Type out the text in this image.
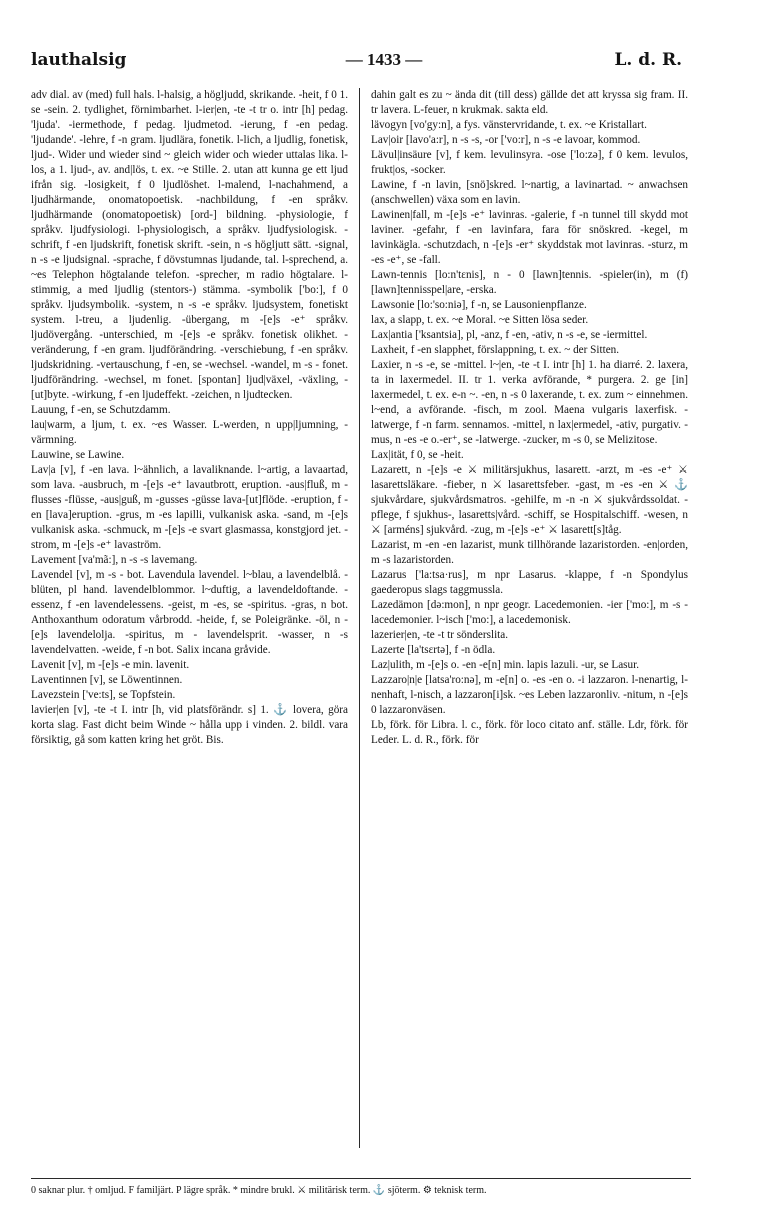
lauthalsig	— 1433 —	L. d. R.

adv dial. av (med) full hals. l-halsig, a högljudd, skrikande. -heit, f 0 1. se -sein. 2. tydlighet, förnimbarhet. l-ier|en, -te -t tr o. intr [h] pedag. 'ljuda'. -iermethode, f pedag. ljudmetod. -ierung, f -en pedag. 'ljudande'. -lehre, f -n gram. ljudlära, fonetik. l-lich, a ljudlig, fonetisk, ljud-. Wider und wieder sind ~ gleich wider och wieder uttalas lika. l-los, a 1. ljud-, av. and|lös, t. ex. ~e Stille. 2. utan att kunna ge ett ljud ifrån sig. -losigkeit, f 0 ljudlöshet. l-malend, l-nachahmend, a ljudhärmande, onomatopoetisk. -nachbildung, f -en språkv. ljudhärmande (onomatopoetisk) [ord-] bildning. -physiologie, f språkv. ljudfysiologi. l-physiologisch, a språkv. ljudfysiologisk. -schrift, f -en ljudskrift, fonetisk skrift. -sein, n -s höglјutt sätt. -signal, n -s -e ljudsignal. -sprache, f dövstumnas ljudande, tal. l-sprechend, a. ~es Telephon högtalande telefon. -sprecher, m radio högtalare. l-stimmig, a med ljudlig (stentors-) stämma. -symbolik ['bo:], f 0 språkv. ljudsymbolik. -system, n -s -e språkv. ljudsystem, fonetiskt system. l-treu, a ljudenlig. -übergang, m -[e]s -e⁺ språkv. ljudövergång. -unterschied, m -[e]s -e språkv. fonetisk olikhet. -veränderung, f -en gram. ljudförändring. -verschiebung, f -en språkv. ljudskridning. -vertauschung, f -en, se -wechsel. -wandel, m -s - fonet. ljudförändring. -wechsel, m fonet. [spontan] ljud|växel, -växling, -[ut]byte. -wirkung, f -en ljudeffekt. -zeichen, n ljudtecken.

Lauung, f -en, se Schutzdamm.

lau|warm, a ljum, t. ex. ~es Wasser. L-werden, n upp|ljumning, -värmning.

Lauwine, se Lawine.

Lav|a [v], f -en lava. l~ähnlich, a lavaliknande. l~artig, a lavaartad, som lava. -ausbruch, m -[e]s -e⁺ lavautbrott, eruption. -aus|fluß, m -flusses -flüsse, -aus|guß, m -gusses -güsse lava-[ut]flöde. -eruption, f -en [lava]eruption. -grus, m -es lapilli, vulkanisk aska. -sand, m -[e]s vulkanisk aska. -schmuck, m -[e]s -e svart glasmassa, konstgjord jet. -strom, m -[e]s -e⁺ lavaström.

Lavement [va'mã:], n -s -s lavemang.

Lavendel [v], m -s - bot. Lavendula lavendel. l~blau, a lavendelblå. -blüten, pl hand. lavendelblommor. l~duftig, a lavendeldoftande. -essenz, f -en lavendelessens. -geist, m -es, se -spiritus. -gras, n bot. Anthoxanthum odoratum vårbrodd. -heide, f, se Poleigränke. -öl, n -[e]s lavendelolja. -spiritus, m - lavendelsprit. -wasser, n -s lavendelvatten. -weide, f -n bot. Salix incana gråvide.

Lavenit [v], m -[e]s -e min. lavenit.

Laventinnen [v], se Löwentinnen.

Lavezstein ['ve:ts], se Topfstein.

lavier|en [v], -te -t I. intr [h, vid platsförändr. s] 1. ⚓ lovera, göra korta slag. Fast dicht beim Winde ~ hålla upp i vinden. 2. bildl. vara försiktig, gå som katten kring het gröt. Bis.

dahin galt es zu ~ ända dit (till dess) gällde det att kryssa sig fram. II. tr lavera. L-feuer, n krukmak. sakta eld.

lävogyn [vo'gy:n], a fys. vänstervridande, t. ex. ~e Kristallart.

Lav|oir [lavo'a:r], n -s -s, -or ['vo:r], n -s -e lavoar, kommod.

Lävul|insäure [v], f kem. levulinsyra. -ose ['lo:zə], f 0 kem. levulos, frukt|os, -socker.

Lawine, f -n lavin, [snö]skred. l~nartig, a lavinartad. ~ anwachsen (anschwellen) växa som en lavin.

Lawinen|fall, m -[e]s -e⁺ lavinras. -galerie, f -n tunnel till skydd mot laviner. -gefahr, f -en lavinfara, fara för snöskred. -kegel, m lavinkägla. -schutzdach, n -[e]s -er⁺ skyddstak mot lavinras. -sturz, m -es -e⁺, se -fall.

Lawn-tennis [lo:n'tɛnis], n - 0 [lawn]tennis. -spieler(in), m (f) [lawn]tennisspel|are, -erska.

Lawsonie [lo:'so:niə], f -n, se Lausonienpflanze.

lax, a slapp, t. ex. ~e Moral. ~e Sitten lösa seder.

Lax|antia ['ksantsia], pl, -anz, f -en, -ativ, n -s -e, se -iermittel.

Laxheit, f -en slapphet, förslappning, t. ex. ~ der Sitten.

Laxier, n -s -e, se -mittel. l~|en, -te -t I. intr [h] 1. ha diarré. 2. laxera, ta in laxermedel. II. tr 1. verka avförande, * purgera. 2. ge [in] laxermedel, t. ex. e-n ~. -en, n -s 0 laxerande, t. ex. zum ~ einnehmen. l~end, a avförande. -fisch, m zool. Maena vulgaris laxerfisk. -latwerge, f -n farm. sennamos. -mittel, n lax|ermedel, -ativ, purgativ. -mus, n -es -e o.-er⁺, se -latwerge. -zucker, m -s 0, se Melizitose.

Lax|ität, f 0, se -heit.

Lazarett, n -[e]s -e ⚔ militärsjukhus, lasarett. -arzt, m -es -e⁺ ⚔ lasarettsläkare. -fieber, n ⚔ lasarettsfeber. -gast, m -es -en ⚔ ⚓ sjukvårdare, sjukvårdsmatros. -gehilfe, m -n -n ⚔ sjukvårdssoldat. -pflege, f sjukhus-, lasaretts|vård. -schiff, se Hospitalschiff. -wesen, n ⚔ [arméns] sjukvård. -zug, m -[e]s -e⁺ ⚔ lasarett[s]tåg.

Lazarist, m -en -en lazarist, munk tillhörande lazaristorden. -en|orden, m -s lazaristorden.

Lazarus ['la:tsa·rus], m npr Lasarus. -klappe, f -n Spondylus gaederopus slags taggmussla.

Lazedämon [də:mon], n npr geogr. Lacedemonien. -ier ['mo:], m -s - lacedemonier. l~isch ['mo:], a lacedemonisk.

lazerier|en, -te -t tr sönderslita.

Lazerte [la'tsɛrtə], f -n ödla.

Laz|ulith, m -[e]s o. -en -e[n] min. lapis lazuli. -ur, se Lasur.

Lazzaro|n|e [latsa'ro:nə], m -e[n] o. -es -en o. -i lazzaron. l-nenartig, l-nenhaft, l-nisch, a lazzaron[i]sk. ~es Leben lazzaronliv. -nitum, n -[e]s 0 lazzaronväsen.

Lb, förk. för Libra. l. c., förk. för loco citato anf. ställe. Ldr, förk. för Leder. L. d. R., förk. för

0 saknar plur. † omljud. F familjärt. P lägre språk. * mindre brukl. ⚔ militärisk term. ⚓ sjöterm. ⚙ teknisk term.
